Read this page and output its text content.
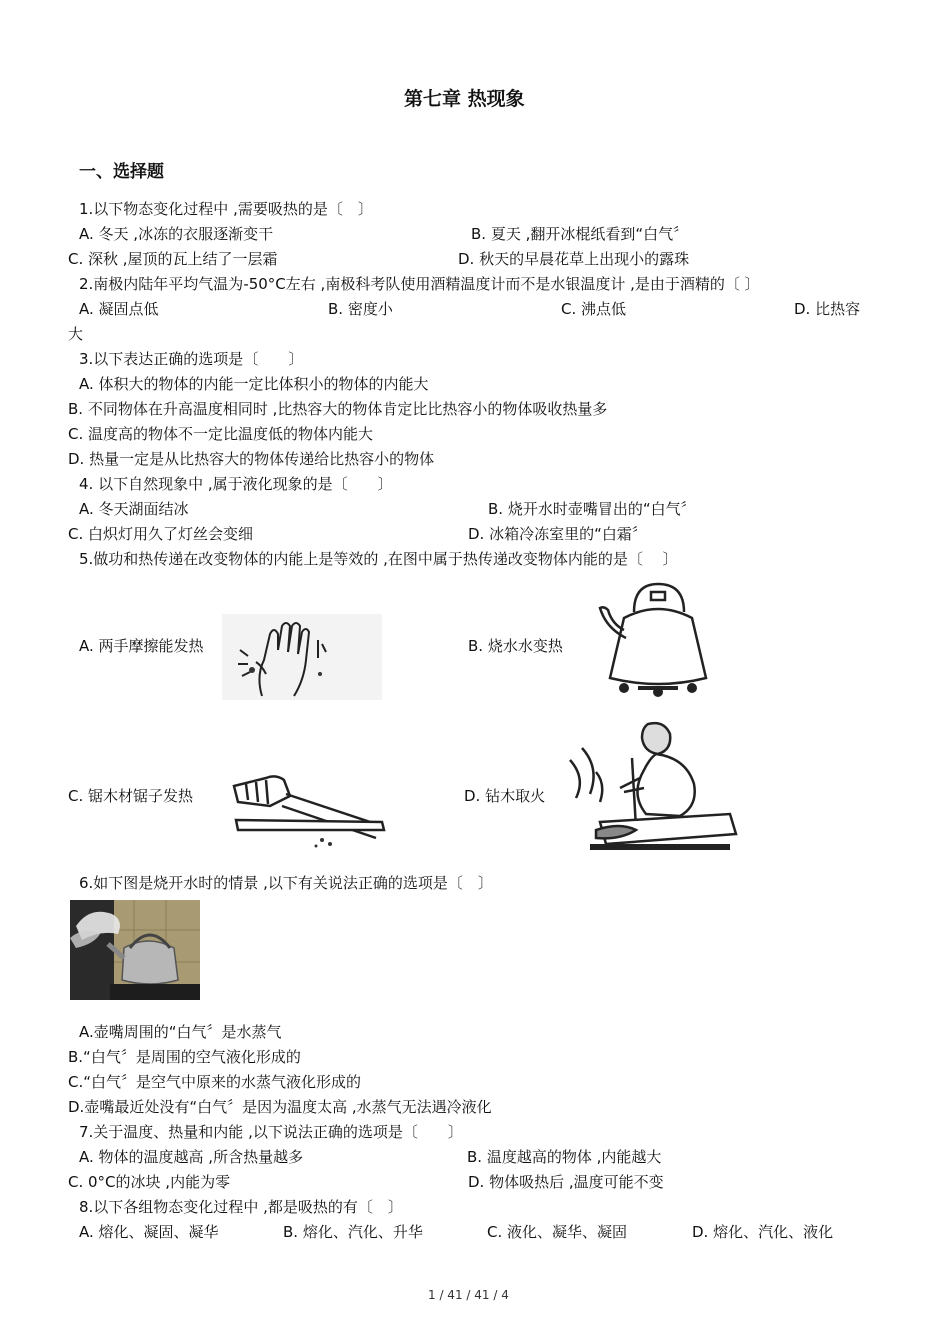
第七章 热现象
一、选择题
1.以下物态变化过程中 ,需要吸热的是〔　〕
A. 冬天 ,冰冻的衣服逐渐变干	B. 夏天 ,翻开冰棍纸看到“白气〞
C. 深秋 ,屋顶的瓦上结了一层霜	D. 秋天的早晨花草上出现小的露珠
2.南极内陆年平均气温为-50°C左右 ,南极科考队使用酒精温度计而不是水银温度计 ,是由于酒精的〔 〕
A. 凝固点低	B. 密度小	C. 沸点低	D. 比热容
大
3.以下表达正确的选项是〔　　〕
A. 体积大的物体的内能一定比体积小的物体的内能大
B. 不同物体在升高温度相同时 ,比热容大的物体肯定比比热容小的物体吸收热量多
C. 温度高的物体不一定比温度低的物体内能大
D. 热量一定是从比热容大的物体传递给比热容小的物体
4. 以下自然现象中 ,属于液化现象的是〔　　〕
A. 冬天湖面结冰	B. 烧开水时壶嘴冒出的“白气〞
C. 白炽灯用久了灯丝会变细	D. 冰箱冷冻室里的“白霜〞
5.做功和热传递在改变物体的内能上是等效的 ,在图中属于热传递改变物体内能的是〔　 〕
A. 两手摩擦能发热	B. 烧水水变热
C. 锯木材锯子发热	D. 钻木取火
6.如下图是烧开水时的情景 ,以下有关说法正确的选项是〔　〕
A.壶嘴周围的“白气〞是水蒸气
B.“白气〞是周围的空气液化形成的
C.“白气〞是空气中原来的水蒸气液化形成的
D.壶嘴最近处没有“白气〞是因为温度太高 ,水蒸气无法遇冷液化
7.关于温度、热量和内能 ,以下说法正确的选项是〔　　〕
A. 物体的温度越高 ,所含热量越多	B. 温度越高的物体 ,内能越大
C. 0°C的冰块 ,内能为零	D. 物体吸热后 ,温度可能不变
8.以下各组物态变化过程中 ,都是吸热的有〔　〕
A. 熔化、凝固、凝华	B. 熔化、汽化、升华	C. 液化、凝华、凝固	D. 熔化、汽化、液化
1 / 41 / 41 / 4
